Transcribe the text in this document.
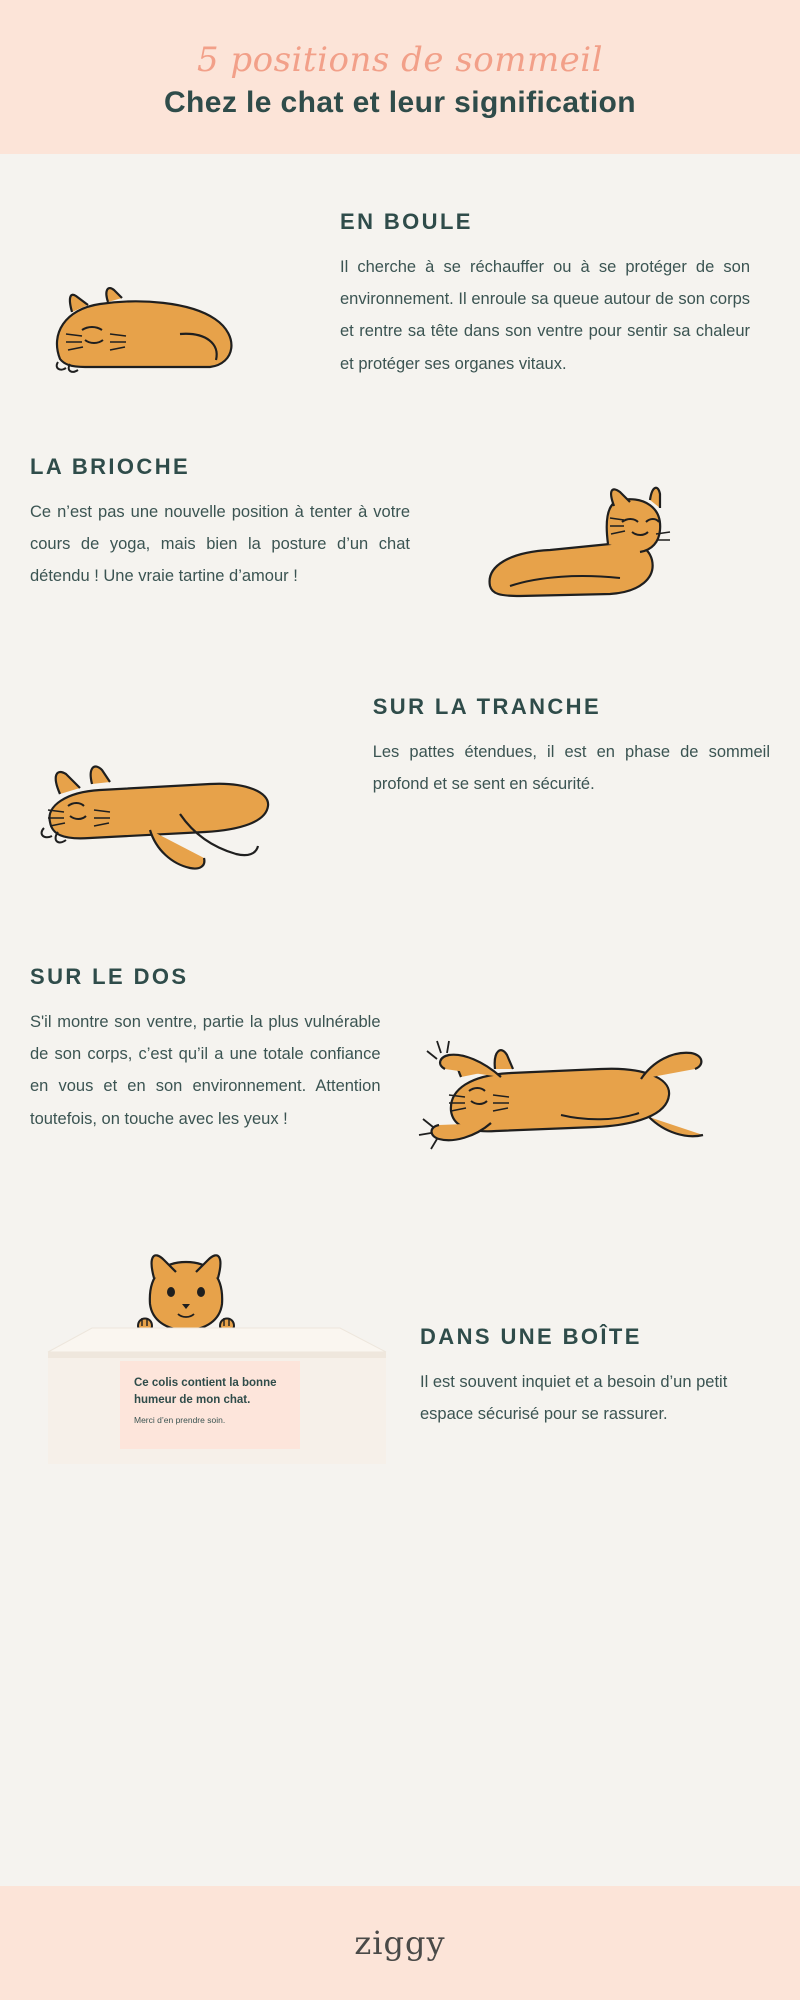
5 positions de sommeil
Chez le chat et leur signification
EN BOULE

Il cherche à se réchauffer ou à se protéger de son environnement. Il enroule sa queue autour de son corps et rentre sa tête dans son ventre pour sentir sa chaleur et protéger ses organes vitaux.

LA BRIOCHE

Ce n’est pas une nouvelle position à tenter à votre cours de yoga, mais bien la posture d’un chat détendu ! Une vraie tartine d’amour !

SUR LA TRANCHE

Les pattes étendues, il est en phase de sommeil profond et se sent en sécurité.

SUR LE DOS

S'il montre son ventre, partie la plus vulnérable de son corps, c’est qu’il a une totale confiance en vous et en son environnement. Attention toutefois, on touche avec les yeux !

Ce colis contient la bonne humeur de mon chat.

Merci d’en prendre soin.

DANS UNE BOÎTE

Il est souvent inquiet et a besoin d’un petit espace sécurisé pour se rassurer.

ziggy
